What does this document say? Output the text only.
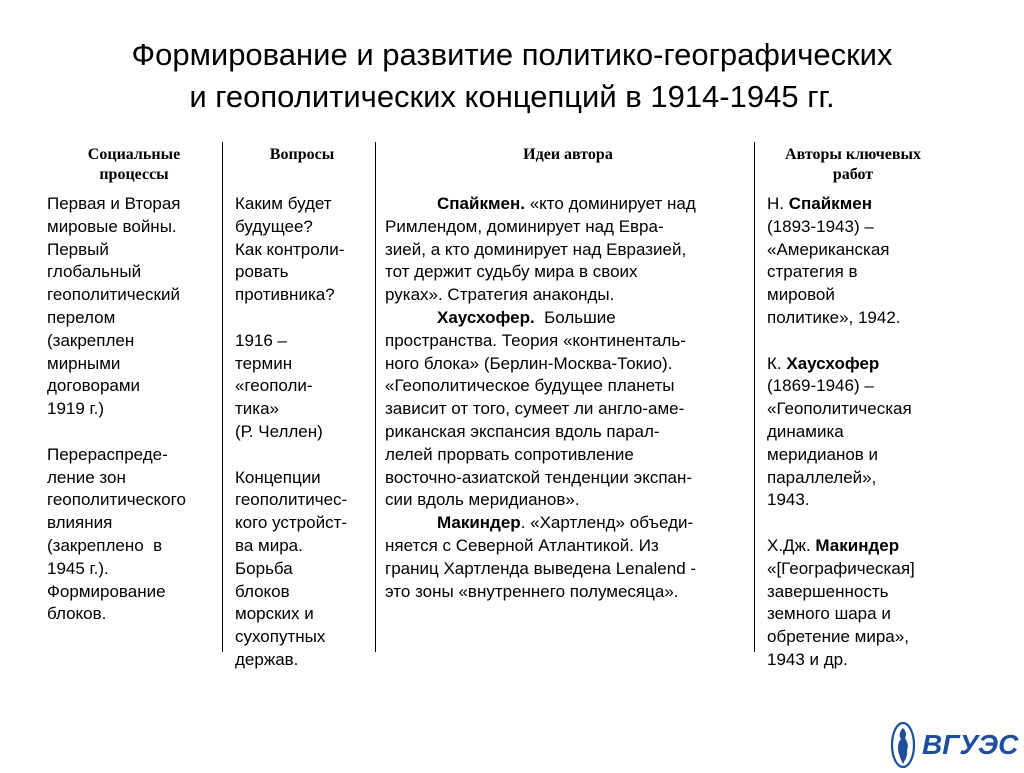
Формирование и развитие политико-географических
и геополитических концепций в 1914-1945 гг.
Социальные
процессы
Вопросы	Идеи автора	Авторы ключевых
работ

Первая и Вторая
мировые войны.
Первый
глобальный
геополитический
перелом
(закреплен
мирными
договорами
1919 г.)

Перераспреде-
ление зон
геополитического
влияния
(закреплено  в
1945 г.).
Формирование
блоков.

Каким будет
будущее?
Как контроли-
ровать
противника?

1916 –
термин
«геополи-
тика»
(Р. Челлен)

Концепции
геополитичес-
кого устройст-
ва мира.
Борьба
блоков
морских и
сухопутных
держав.

Спайкмен. «кто доминирует над
Римлендом, доминирует над Евра-
зией, а кто доминирует над Евразией,
тот держит судьбу мира в своих
руках». Стратегия анаконды.

Хаусхофер.  Большие
пространства. Теория «континенталь-
ного блока» (Берлин-Москва-Токио).
«Геополитическое будущее планеты
зависит от того, сумеет ли англо-аме-
риканская экспансия вдоль парал-
лелей прорвать сопротивление
восточно-азиатской тенденции экспан-
сии вдоль меридианов».

Макиндер. «Хартленд» объеди-
няется с Северной Атлантикой. Из
границ Хартленда выведена Lenalend -
это зоны «внутреннего полумесяца».

Н. Спайкмен
(1893-1943) –
«Американская
стратегия в
мировой
политике», 1942.

К. Хаусхофер
(1869-1946) –
«Геополитическая
динамика
меридианов и
параллелей»,
1943.

Х.Дж. Макиндер
«[Географическая]
завершенность
земного шара и
обретение мира»,
1943 и др.

ВГУЭС
